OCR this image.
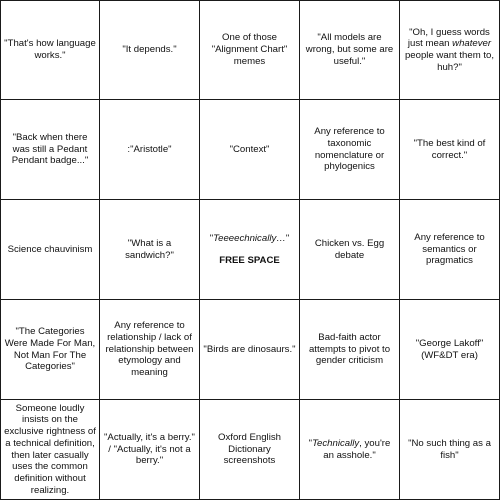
"That's how language works."
"It depends."
One of those "Alignment Chart" memes
"All models are wrong, but some are useful."
"Oh, I guess words just mean whatever people want them to, huh?"
"Back when there was still a Pedant Pendant badge..."
:"Aristotle"	"Context"
Any reference to taxonomic nomenclature or phylogenics
"The best kind of correct."
Science chauvinism
"What is a sandwich?"
"Teeeechnically…"
FREE SPACE
Chicken vs. Egg debate
Any reference to semantics or pragmatics
"The Categories Were Made For Man, Not Man For The Categories"
Any reference to relationship / lack of relationship between etymology and meaning
"Birds are dinosaurs."
Bad-faith actor attempts to pivot to gender criticism
"George Lakoff" (WF&DT era)
Someone loudly insists on the exclusive rightness of a technical definition, then later casually uses the common definition without realizing.
"Actually, it's a berry." / "Actually, it's not a berry."
Oxford English Dictionary screenshots
"Technically, you're an asshole."
"No such thing as a fish"
